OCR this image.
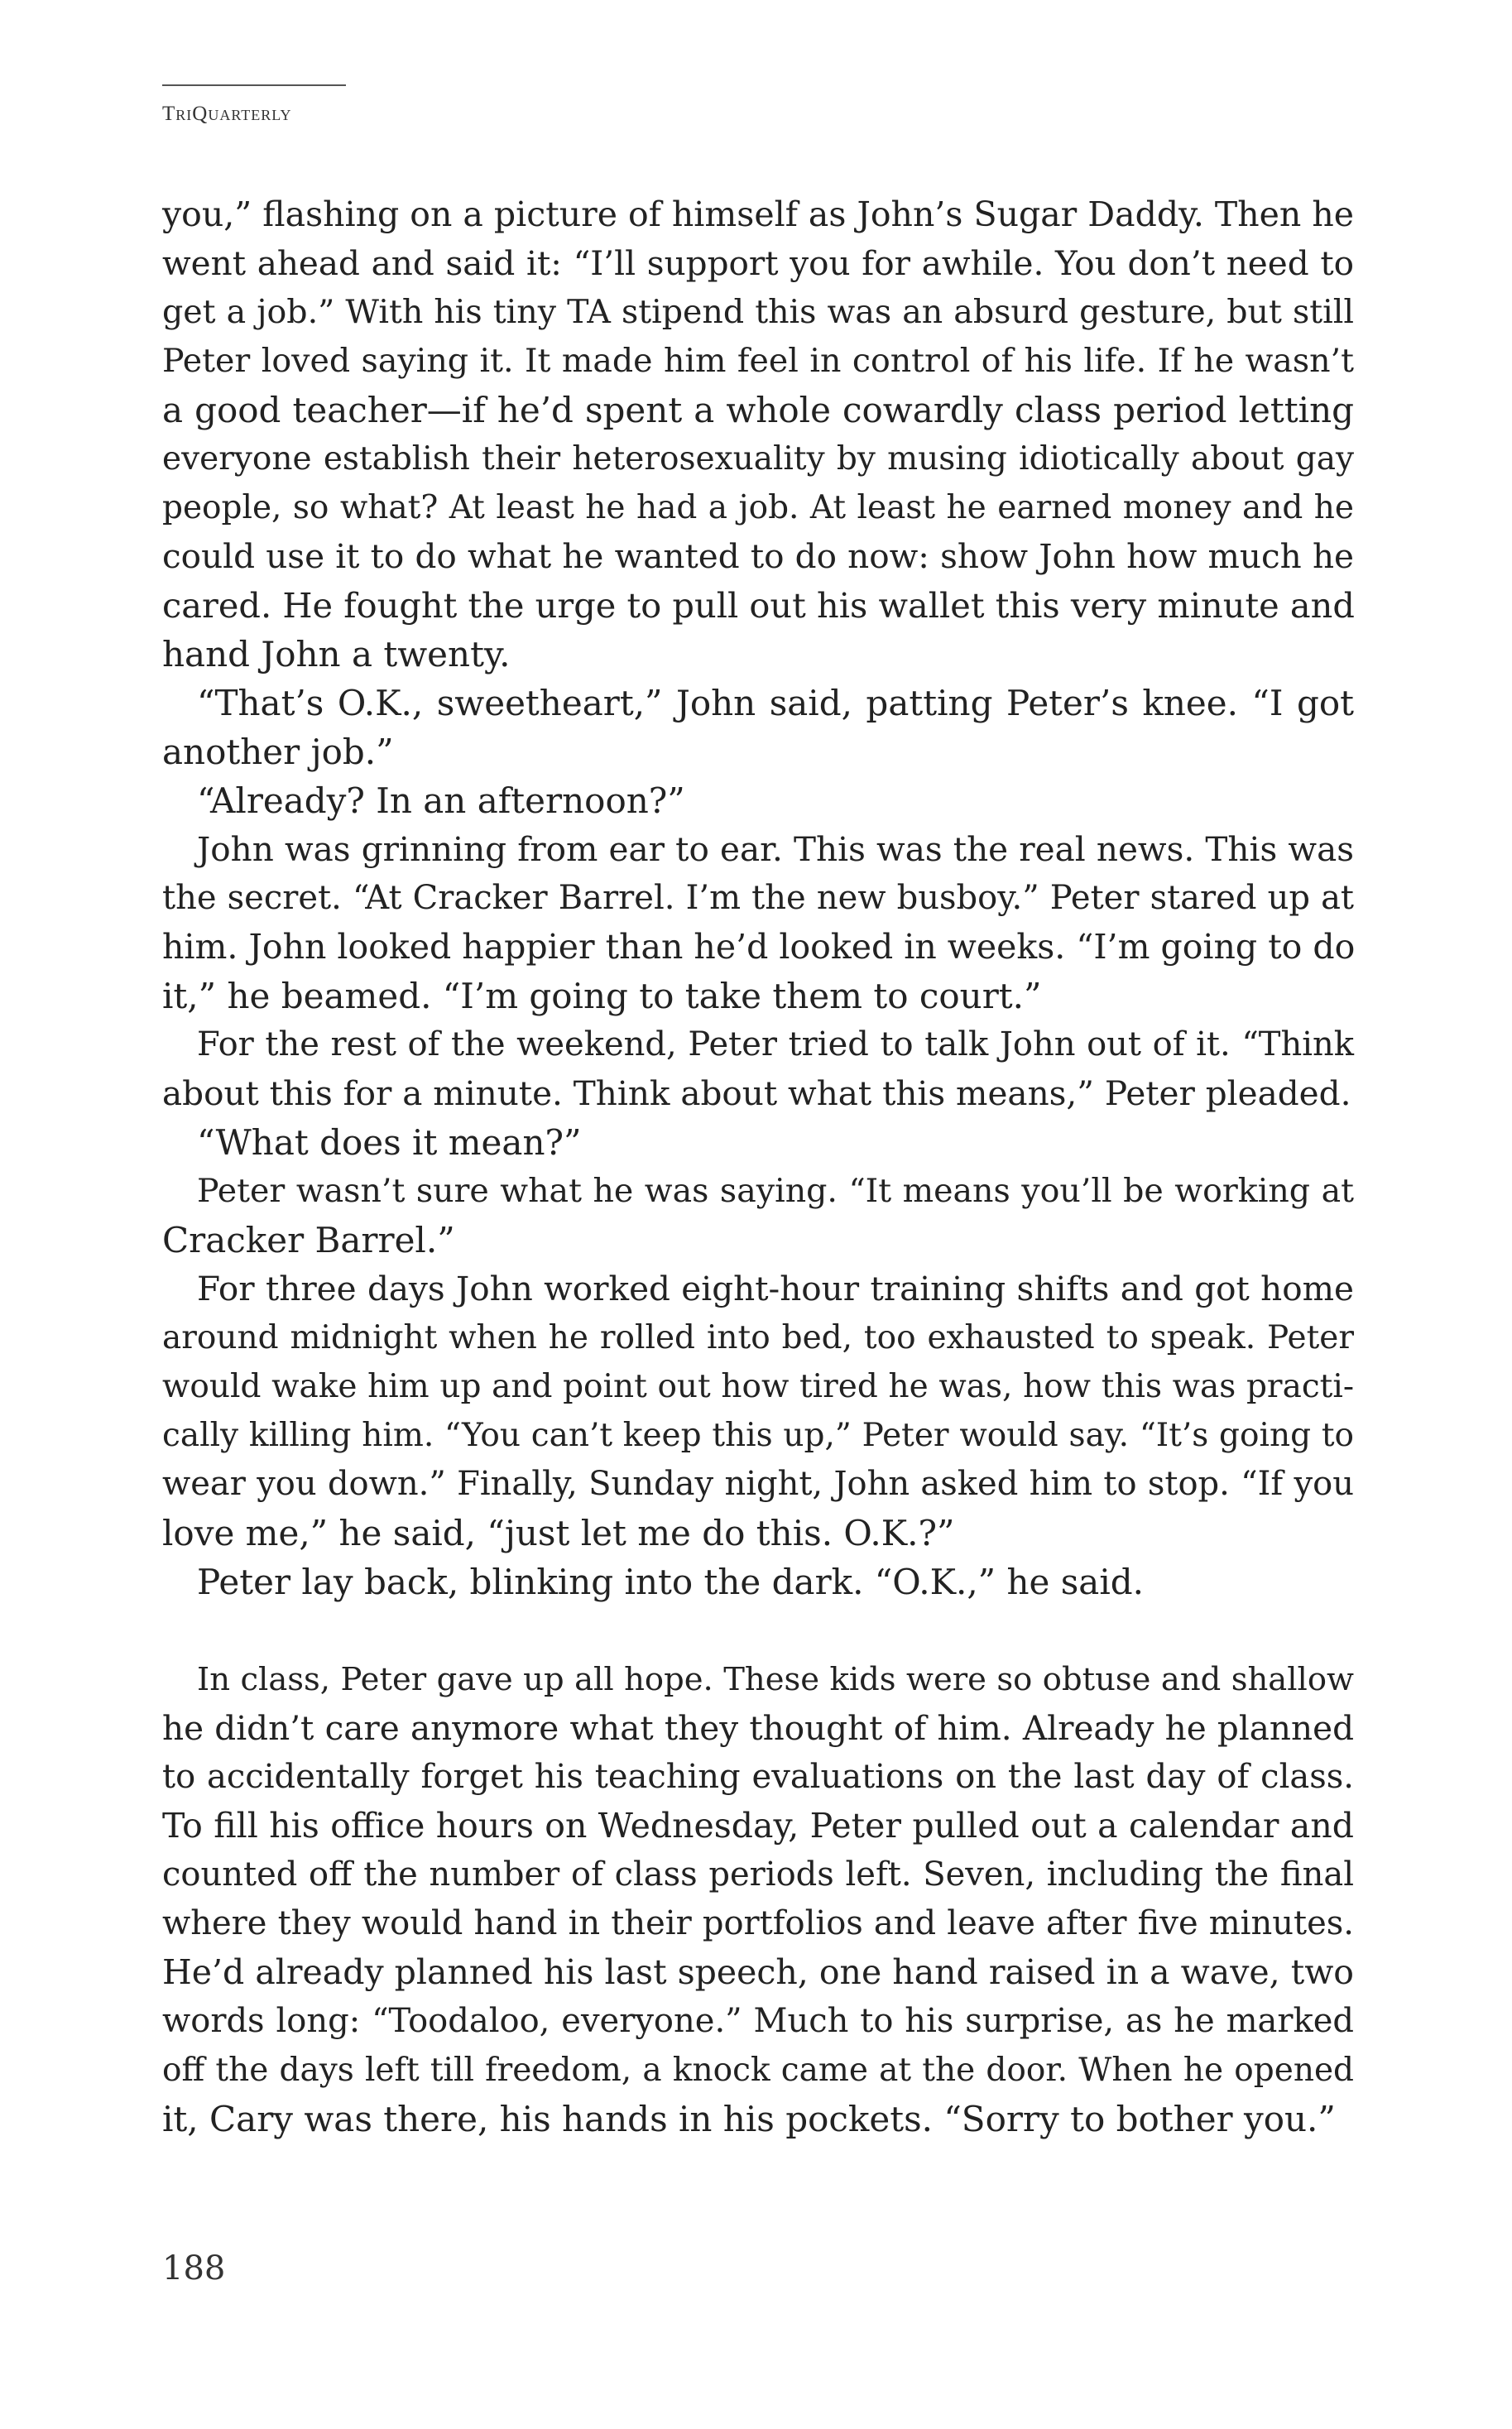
TriQuarterly
you,” flashing on a picture of himself as John’s Sugar Daddy. Then he
went ahead and said it: “I’ll support you for awhile. You don’t need to
get a job.” With his tiny TA stipend this was an absurd gesture, but still
Peter loved saying it. It made him feel in control of his life. If he wasn’t
a good teacher—if he’d spent a whole cowardly class period letting
everyone establish their heterosexuality by musing idiotically about gay
people, so what? At least he had a job. At least he earned money and he
could use it to do what he wanted to do now: show John how much he
cared. He fought the urge to pull out his wallet this very minute and
hand John a twenty.
“That’s O.K., sweetheart,” John said, patting Peter’s knee. “I got
another job.”
“Already? In an afternoon?”
John was grinning from ear to ear. This was the real news. This was
the secret. “At Cracker Barrel. I’m the new busboy.” Peter stared up at
him. John looked happier than he’d looked in weeks. “I’m going to do
it,” he beamed. “I’m going to take them to court.”
For the rest of the weekend, Peter tried to talk John out of it. “Think
about this for a minute. Think about what this means,” Peter pleaded.
“What does it mean?”
Peter wasn’t sure what he was saying. “It means you’ll be working at
Cracker Barrel.”
For three days John worked eight-hour training shifts and got home
around midnight when he rolled into bed, too exhausted to speak. Peter
would wake him up and point out how tired he was, how this was practi-
cally killing him. “You can’t keep this up,” Peter would say. “It’s going to
wear you down.” Finally, Sunday night, John asked him to stop. “If you
love me,” he said, “just let me do this. O.K.?”
Peter lay back, blinking into the dark. “O.K.,” he said.
In class, Peter gave up all hope. These kids were so obtuse and shallow
he didn’t care anymore what they thought of him. Already he planned
to accidentally forget his teaching evaluations on the last day of class.
To fill his office hours on Wednesday, Peter pulled out a calendar and
counted off the number of class periods left. Seven, including the final
where they would hand in their portfolios and leave after five minutes.
He’d already planned his last speech, one hand raised in a wave, two
words long: “Toodaloo, everyone.” Much to his surprise, as he marked
off the days left till freedom, a knock came at the door. When he opened
it, Cary was there, his hands in his pockets. “Sorry to bother you.”
188
